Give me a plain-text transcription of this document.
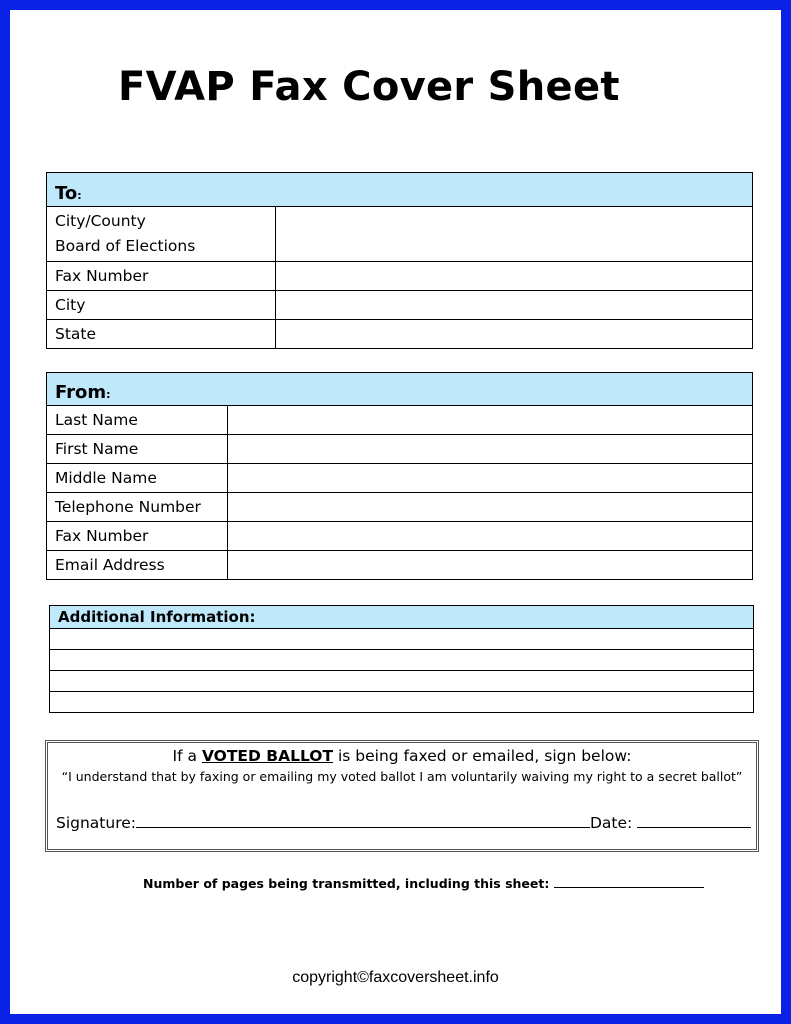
FVAP Fax Cover Sheet
To:	

City/County
Board of Elections	

Fax Number	
City	
State	
From:	
Last Name	
First Name	
Middle Name	
Telephone Number	
Fax Number	
Email Address	
Additional Information:

If a VOTED BALLOT is being faxed or emailed, sign below:
“I understand that by faxing or emailing my voted ballot I am voluntarily waiving my right to a secret ballot”
Signature:	Date:
Number of pages being transmitted, including this sheet:
copyright©faxcoversheet.info
